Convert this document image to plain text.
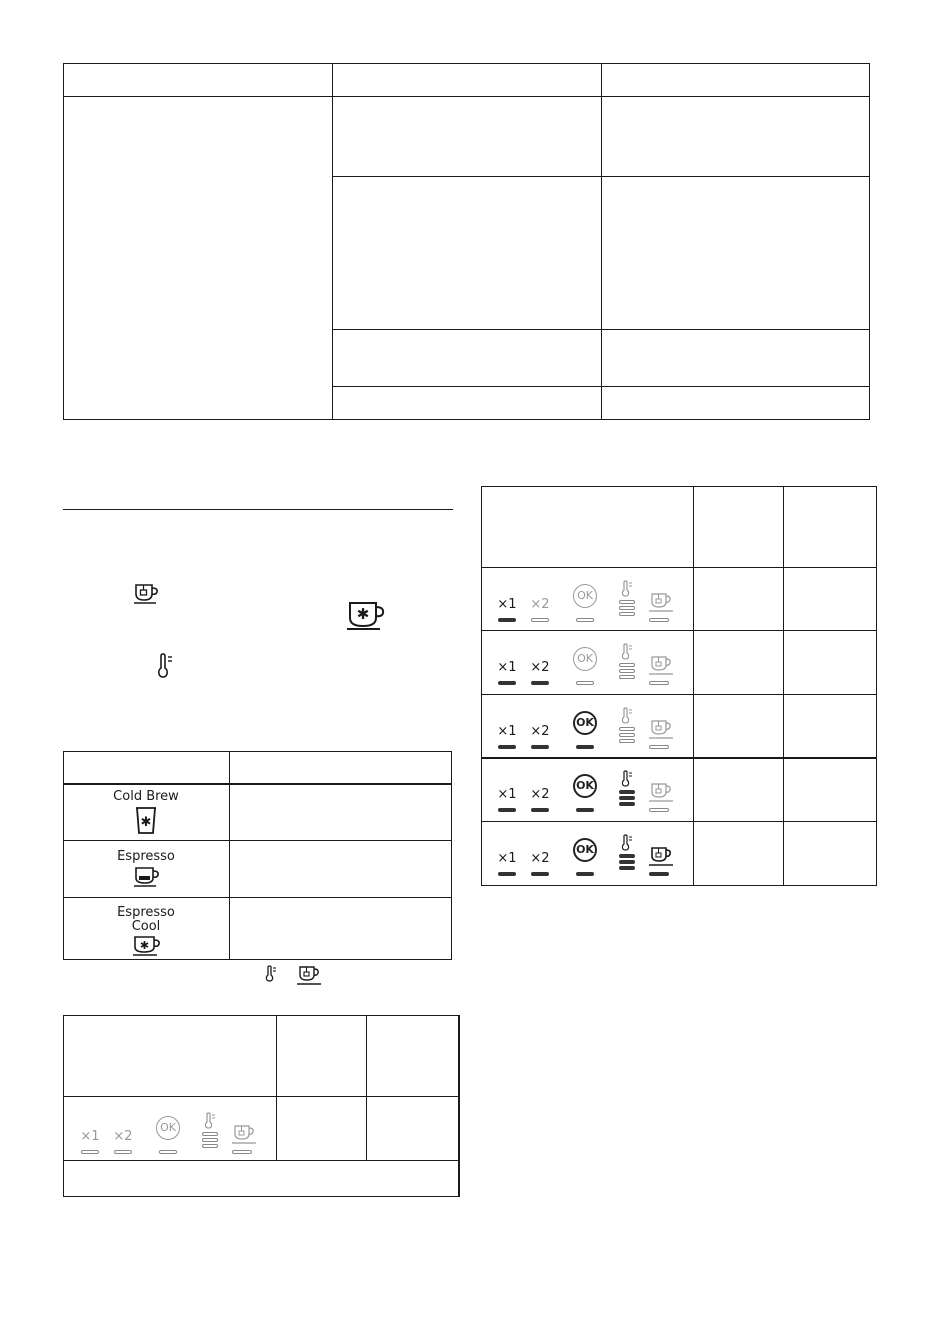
✱
Cold Brew
✱
Espresso
Espresso
Cool
✱
×1 ×2
OK
×1 ×2
OK
×1 ×2
OK
×1 ×2
OK
×1 ×2
OK
×1 ×2
OK
